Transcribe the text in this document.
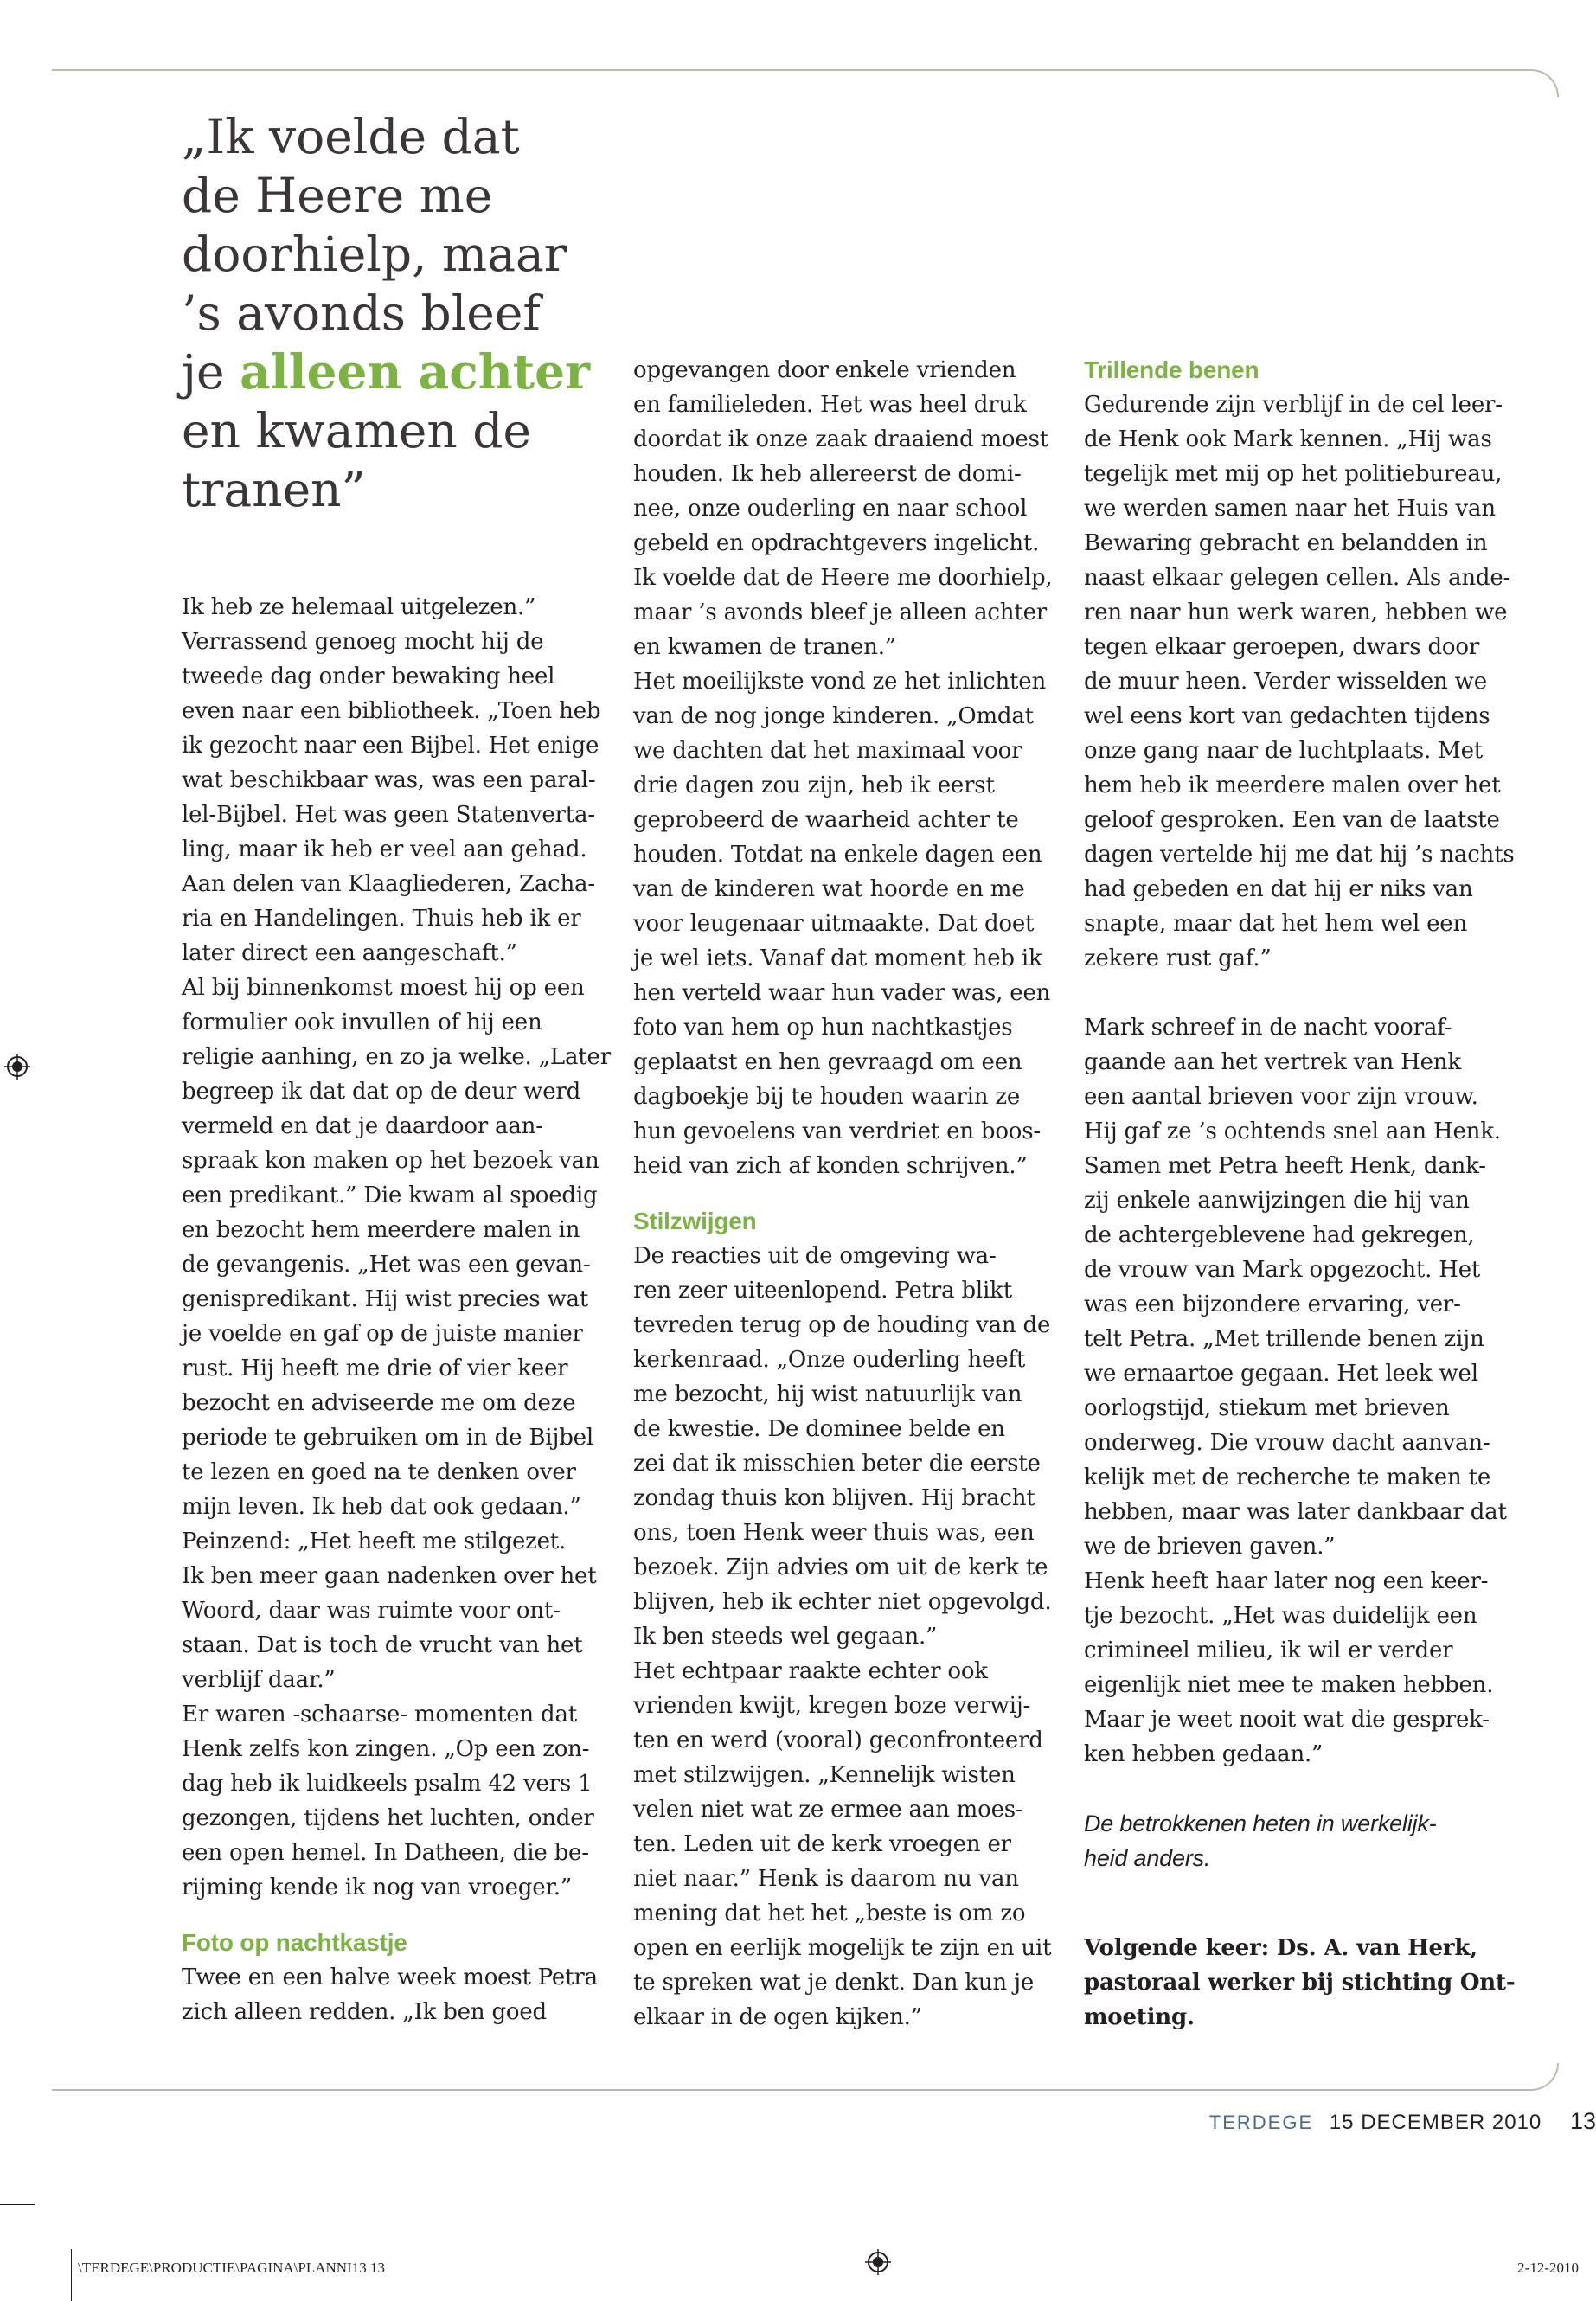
„Ik voelde dat
de Heere me
doorhielp, maar
’s avonds bleef
je alleen achter
en kwamen de
tranen”

Ik heb ze helemaal uitgelezen.”
Verrassend genoeg mocht hij de
tweede dag onder bewaking heel
even naar een bibliotheek. „Toen heb
ik gezocht naar een Bijbel. Het enige
wat beschikbaar was, was een paral-
lel-Bijbel. Het was geen Statenverta-
ling, maar ik heb er veel aan gehad.
Aan delen van Klaagliederen, Zacha-
ria en Handelingen. Thuis heb ik er
later direct een aangeschaft.”
Al bij binnenkomst moest hij op een
formulier ook invullen of hij een
religie aanhing, en zo ja welke. „Later
begreep ik dat dat op de deur werd
vermeld en dat je daardoor aan-
spraak kon maken op het bezoek van
een predikant.” Die kwam al spoedig
en bezocht hem meerdere malen in
de gevangenis. „Het was een gevan-
genispredikant. Hij wist precies wat
je voelde en gaf op de juiste manier
rust. Hij heeft me drie of vier keer
bezocht en adviseerde me om deze
periode te gebruiken om in de Bijbel
te lezen en goed na te denken over
mijn leven. Ik heb dat ook gedaan.”
Peinzend: „Het heeft me stilgezet.
Ik ben meer gaan nadenken over het
Woord, daar was ruimte voor ont-
staan. Dat is toch de vrucht van het
verblijf daar.”
Er waren -schaarse- momenten dat
Henk zelfs kon zingen. „Op een zon-
dag heb ik luidkeels psalm 42 vers 1
gezongen, tijdens het luchten, onder
een open hemel. In Datheen, die be-
rijming kende ik nog van vroeger.”

Foto op nachtkastje

Twee en een halve week moest Petra
zich alleen redden. „Ik ben goed

opgevangen door enkele vrienden
en familieleden. Het was heel druk
doordat ik onze zaak draaiend moest
houden. Ik heb allereerst de domi-
nee, onze ouderling en naar school
gebeld en opdrachtgevers ingelicht.
Ik voelde dat de Heere me doorhielp,
maar ’s avonds bleef je alleen achter
en kwamen de tranen.”
Het moeilijkste vond ze het inlichten
van de nog jonge kinderen. „Omdat
we dachten dat het maximaal voor
drie dagen zou zijn, heb ik eerst
geprobeerd de waarheid achter te
houden. Totdat na enkele dagen een
van de kinderen wat hoorde en me
voor leugenaar uitmaakte. Dat doet
je wel iets. Vanaf dat moment heb ik
hen verteld waar hun vader was, een
foto van hem op hun nachtkastjes
geplaatst en hen gevraagd om een
dagboekje bij te houden waarin ze
hun gevoelens van verdriet en boos-
heid van zich af konden schrijven.”

Stilzwijgen

De reacties uit de omgeving wa-
ren zeer uiteenlopend. Petra blikt
tevreden terug op de houding van de
kerkenraad. „Onze ouderling heeft
me bezocht, hij wist natuurlijk van
de kwestie. De dominee belde en
zei dat ik misschien beter die eerste
zondag thuis kon blijven. Hij bracht
ons, toen Henk weer thuis was, een
bezoek. Zijn advies om uit de kerk te
blijven, heb ik echter niet opgevolgd.
Ik ben steeds wel gegaan.”
Het echtpaar raakte echter ook
vrienden kwijt, kregen boze verwij-
ten en werd (vooral) geconfronteerd
met stilzwijgen. „Kennelijk wisten
velen niet wat ze ermee aan moes-
ten. Leden uit de kerk vroegen er
niet naar.” Henk is daarom nu van
mening dat het het „beste is om zo
open en eerlijk mogelijk te zijn en uit
te spreken wat je denkt. Dan kun je
elkaar in de ogen kijken.”

Trillende benen

Gedurende zijn verblijf in de cel leer-
de Henk ook Mark kennen. „Hij was
tegelijk met mij op het politiebureau,
we werden samen naar het Huis van
Bewaring gebracht en belandden in
naast elkaar gelegen cellen. Als ande-
ren naar hun werk waren, hebben we
tegen elkaar geroepen, dwars door
de muur heen. Verder wisselden we
wel eens kort van gedachten tijdens
onze gang naar de luchtplaats. Met
hem heb ik meerdere malen over het
geloof gesproken. Een van de laatste
dagen vertelde hij me dat hij ’s nachts
had gebeden en dat hij er niks van
snapte, maar dat het hem wel een
zekere rust gaf.”

Mark schreef in de nacht vooraf-
gaande aan het vertrek van Henk
een aantal brieven voor zijn vrouw.
Hij gaf ze ’s ochtends snel aan Henk.
Samen met Petra heeft Henk, dank-
zij enkele aanwijzingen die hij van
de achtergeblevene had gekregen,
de vrouw van Mark opgezocht. Het
was een bijzondere ervaring, ver-
telt Petra. „Met trillende benen zijn
we ernaartoe gegaan. Het leek wel
oorlogstijd, stiekum met brieven
onderweg. Die vrouw dacht aanvan-
kelijk met de recherche te maken te
hebben, maar was later dankbaar dat
we de brieven gaven.”
Henk heeft haar later nog een keer-
tje bezocht. „Het was duidelijk een
crimineel milieu, ik wil er verder
eigenlijk niet mee te maken hebben.
Maar je weet nooit wat die gesprek-
ken hebben gedaan.”

De betrokkenen heten in werkelijk-
heid anders.

Volgende keer: Ds. A. van Herk,
pastoraal werker bij stichting Ont-
moeting.

TERDEGE 15 DECEMBER 2010 13
\TERDEGE\PRODUCTIE\PAGINA\PLANNI13 13	2-12-2010
